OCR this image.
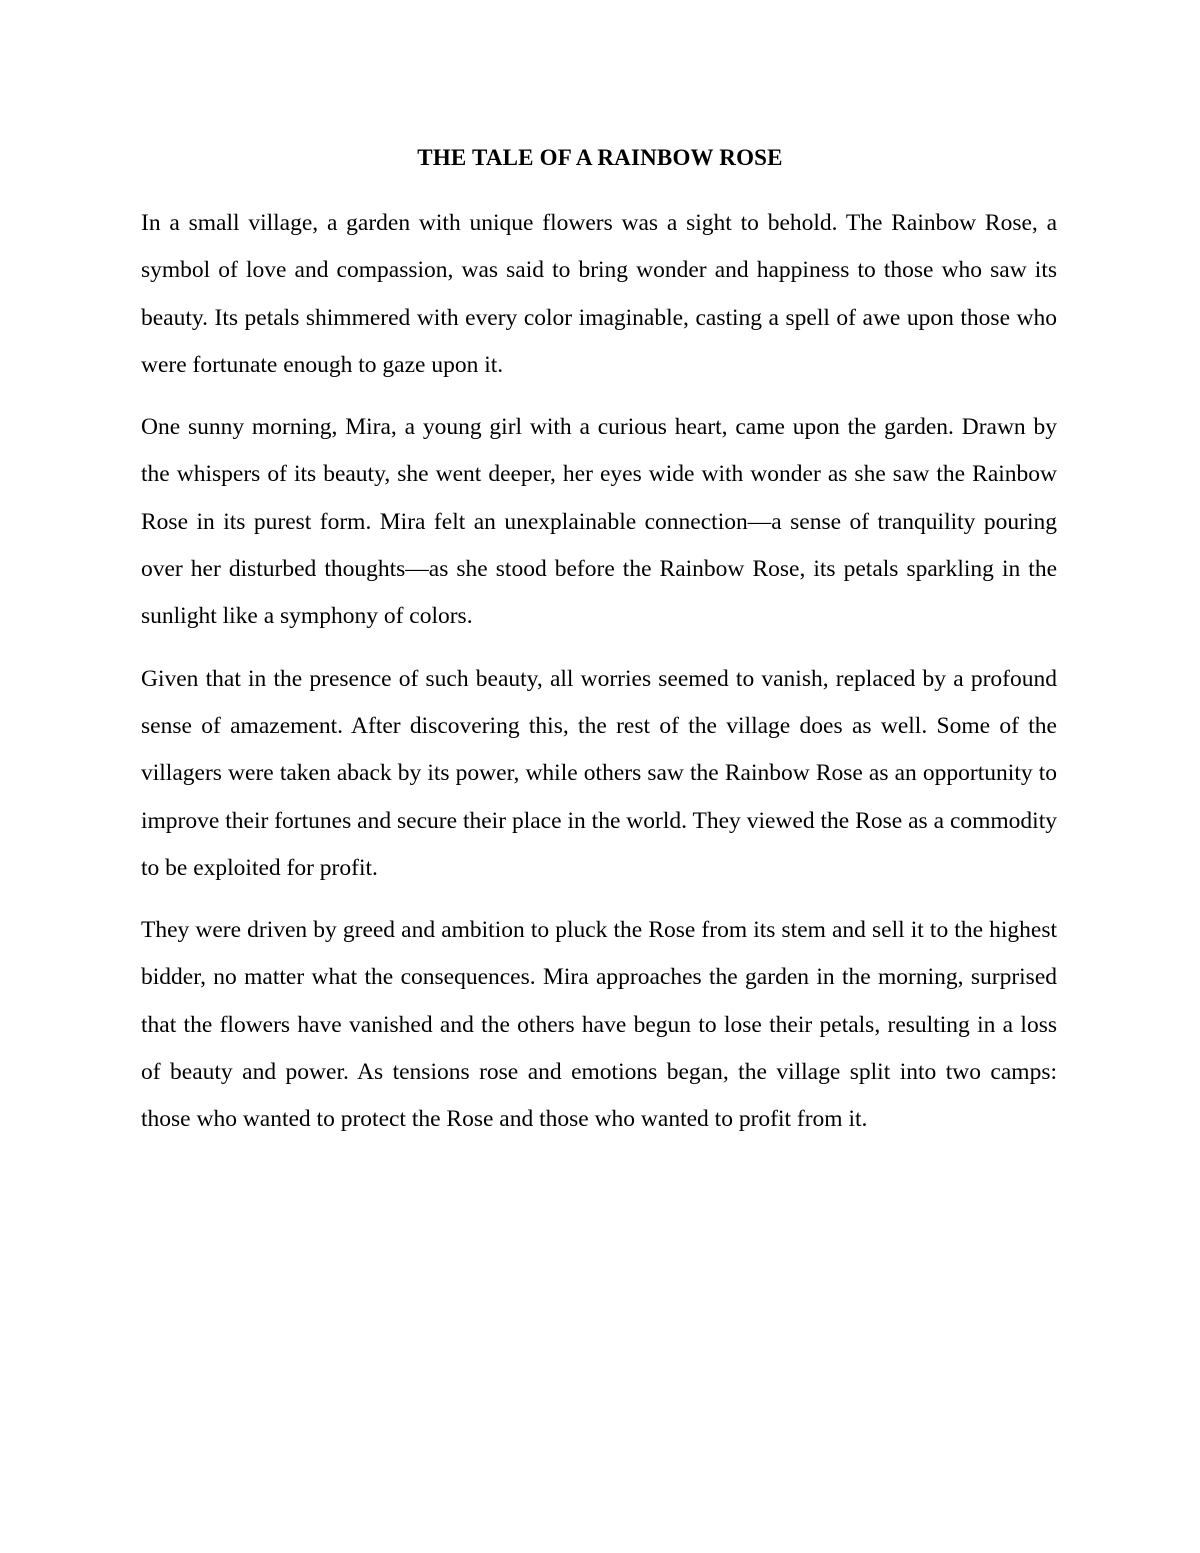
THE TALE OF A RAINBOW ROSE

In a small village, a garden with unique flowers was a sight to behold. The Rainbow Rose, a symbol of love and compassion, was said to bring wonder and happiness to those who saw its beauty. Its petals shimmered with every color imaginable, casting a spell of awe upon those who were fortunate enough to gaze upon it.

One sunny morning, Mira, a young girl with a curious heart, came upon the garden. Drawn by the whispers of its beauty, she went deeper, her eyes wide with wonder as she saw the Rainbow Rose in its purest form. Mira felt an unexplainable connection—a sense of tranquility pouring over her disturbed thoughts—as she stood before the Rainbow Rose, its petals sparkling in the sunlight like a symphony of colors.

Given that in the presence of such beauty, all worries seemed to vanish, replaced by a profound sense of amazement. After discovering this, the rest of the village does as well. Some of the villagers were taken aback by its power, while others saw the Rainbow Rose as an opportunity to improve their fortunes and secure their place in the world. They viewed the Rose as a commodity to be exploited for profit.

They were driven by greed and ambition to pluck the Rose from its stem and sell it to the highest bidder, no matter what the consequences. Mira approaches the garden in the morning, surprised that the flowers have vanished and the others have begun to lose their petals, resulting in a loss of beauty and power. As tensions rose and emotions began, the village split into two camps: those who wanted to protect the Rose and those who wanted to profit from it.
